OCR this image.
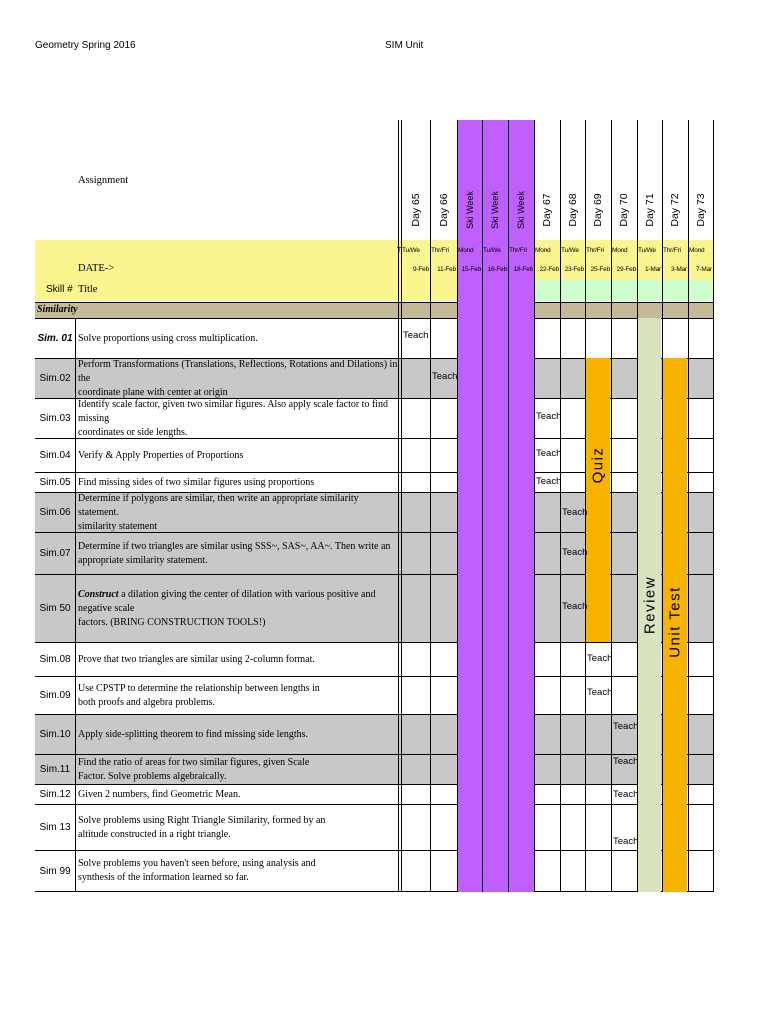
Geometry Spring 2016	SIM Unit
Similarity
Assignment
DATE->
Skill # Title
Sim. 01 Solve proportions using cross multiplication.
Sim.02
Perform Transformations (Translations, Reflections, Rotations and Dilations) in the
coordinate plane with center at origin
Sim.03
Identify scale factor, given two similar figures. Also apply scale factor to find missing
coordinates or side lengths.
Sim.04 Verify & Apply Properties of Proportions
Sim.05 Find missing sides of two similar figures using proportions
Sim.06
Determine if polygons are similar, then write an appropriate similarity statement.
similarity statement
Sim.07
Determine if two triangles are similar using SSS~, SAS~, AA~. Then write an
appropriate similarity statement.
Sim 50
Construct a dilation giving the center of dilation with various positive and negative scale
factors. (BRING CONSTRUCTION TOOLS!)
Sim.08 Prove that two triangles are similar using 2-column format.
Sim.09
Use CPSTP to determine the relationship between lengths in
both proofs and algebra problems.
Sim.10 Apply side-splitting theorem to find missing side lengths.
Sim.11
Find the ratio of areas for two similar figures, given Scale
Factor. Solve problems algebraically.
Sim.12 Given 2 numbers, find Geometric Mean.
Sim 13
Solve problems using Right Triangle Similarity, formed by an
altitude constructed in a right triangle.
Sim 99
Solve problems you haven't seen before, using analysis and
synthesis of the information learned so far.
Day 65
Tu/We
9-Feb
Day 66
Thr/Fri
11-Feb
Ski Week
Mond
15-Feb
Ski Week
Tu/We
16-Feb
Ski Week
Thr/Fri
18-Feb
Day 67
Mond
22-Feb
Day 68
Tu/We
23-Feb
Day 69
Thr/Fri
25-Feb
Day 70
Mond
29-Feb
Day 71
Tu/We
1-Mar
Day 72
Thr/Fri
3-Mar
Day 73
Mond
7-Mar
T
Teach
Teach
Teach
Teach
Teach
Teach
Teach
Teach
Teach
Teach
Teach
Teach
Teach
Teach
Quiz
Review Unit Test
